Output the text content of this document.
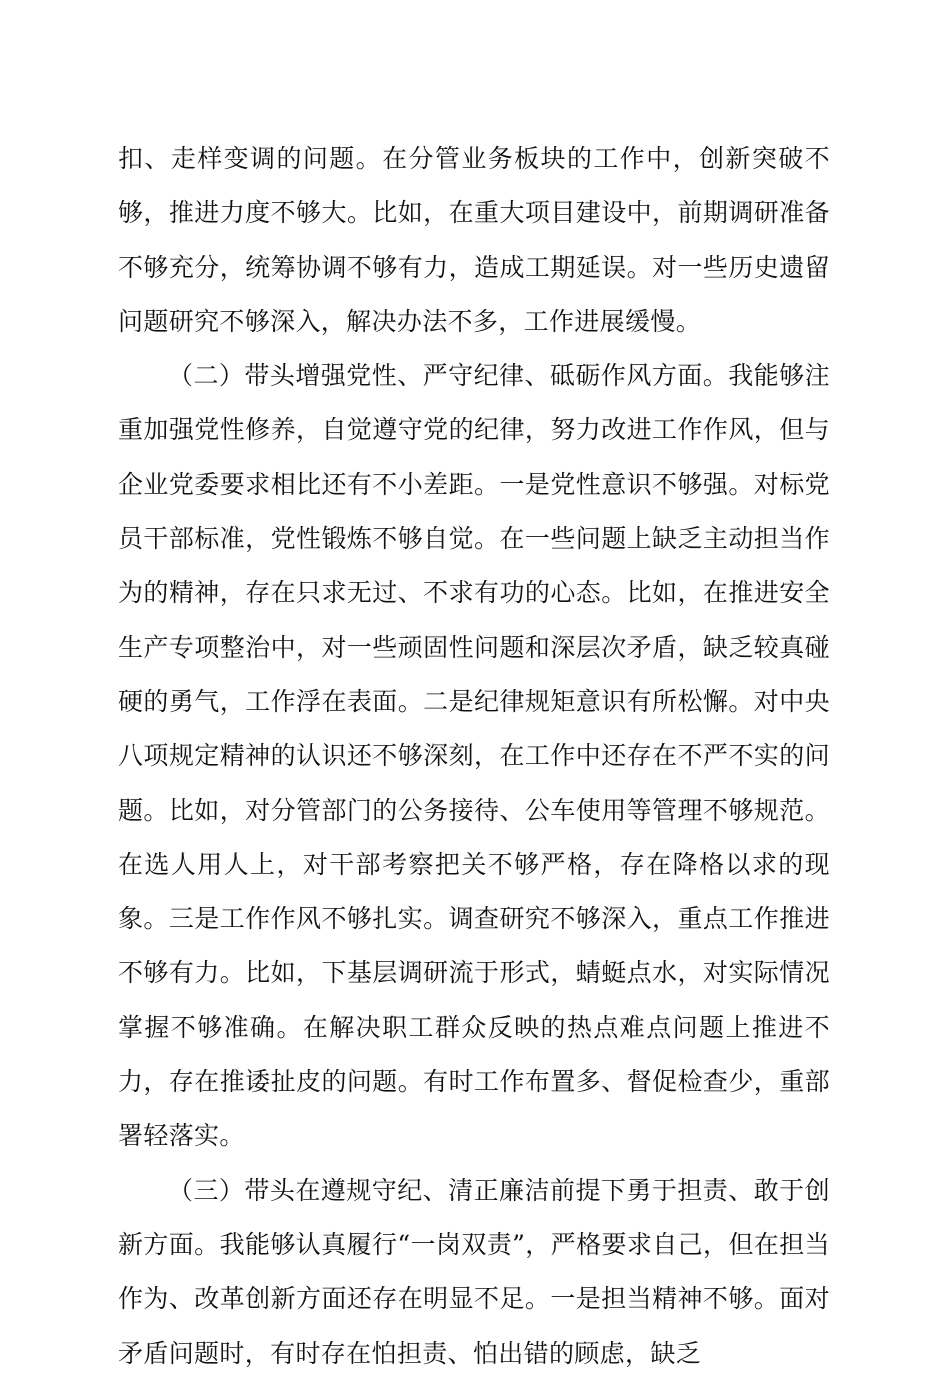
扣、走样变调的问题。在分管业务板块的工作中，创新突破不够，推进力度不够大。比如，在重大项目建设中，前期调研准备不够充分，统筹协调不够有力，造成工期延误。对一些历史遗留问题研究不够深入，解决办法不多，工作进展缓慢。

（二）带头增强党性、严守纪律、砥砺作风方面。我能够注重加强党性修养，自觉遵守党的纪律，努力改进工作作风，但与企业党委要求相比还有不小差距。一是党性意识不够强。对标党员干部标准，党性锻炼不够自觉。在一些问题上缺乏主动担当作为的精神，存在只求无过、不求有功的心态。比如，在推进安全生产专项整治中，对一些顽固性问题和深层次矛盾，缺乏较真碰硬的勇气，工作浮在表面。二是纪律规矩意识有所松懈。对中央八项规定精神的认识还不够深刻，在工作中还存在不严不实的问题。比如，对分管部门的公务接待、公车使用等管理不够规范。在选人用人上，对干部考察把关不够严格，存在降格以求的现象。三是工作作风不够扎实。调查研究不够深入，重点工作推进不够有力。比如，下基层调研流于形式，蜻蜓点水，对实际情况掌握不够准确。在解决职工群众反映的热点难点问题上推进不力，存在推诿扯皮的问题。有时工作布置多、督促检查少，重部署轻落实。

（三）带头在遵规守纪、清正廉洁前提下勇于担责、敢于创新方面。我能够认真履行“一岗双责”，严格要求自己，但在担当作为、改革创新方面还存在明显不足。一是担当精神不够。面对矛盾问题时，有时存在怕担责、怕出错的顾虑，缺乏
